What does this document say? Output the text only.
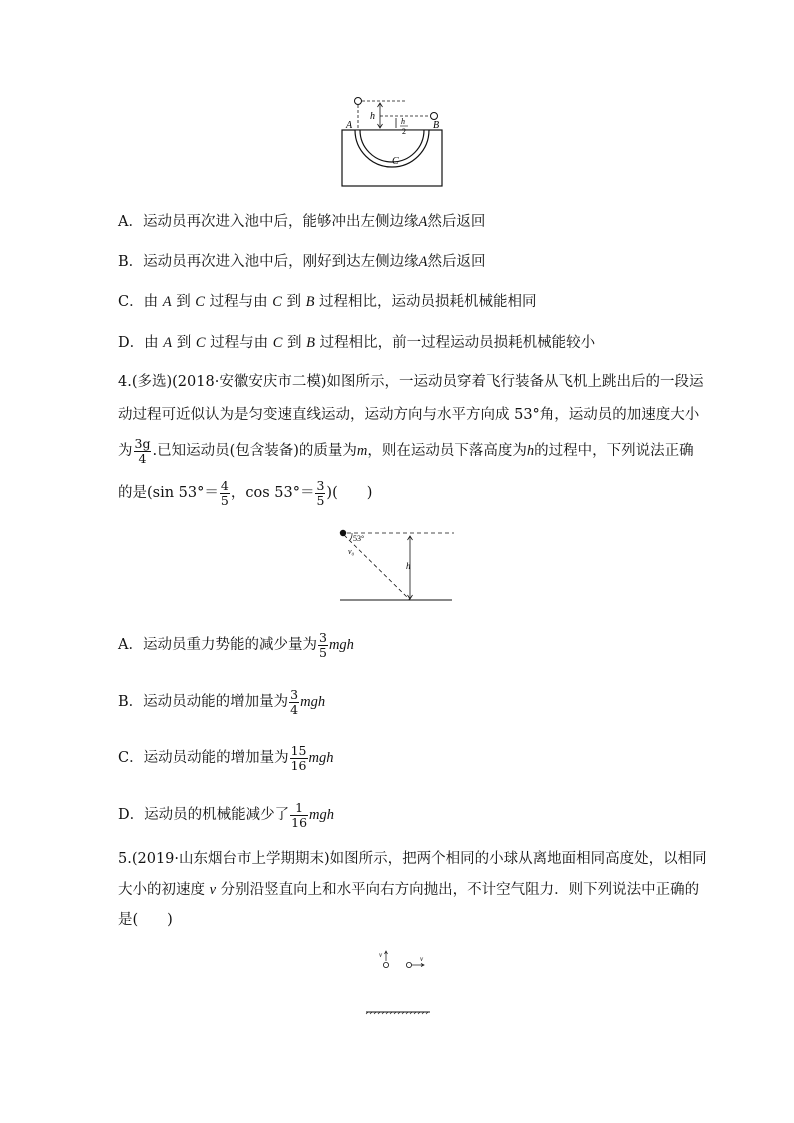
h	h
2
A	B
C
A．运动员再次进入池中后，能够冲出左侧边缘A然后返回
B．运动员再次进入池中后，刚好到达左侧边缘A然后返回
C．由 A 到 C 过程与由 C 到 B 过程相比，运动员损耗机械能相同
D．由 A 到 C 过程与由 C 到 B 过程相比，前一过程运动员损耗机械能较小
4.(多选)(2018·安徽安庆市二模)如图所示，一运动员穿着飞行装备从飞机上跳出后的一段运
动过程可近似认为是匀变速直线运动，运动方向与水平方向成 53°角，运动员的加速度大小
为 $\frac{3g}{4}$ .已知运动员(包含装备)的质量为m，则在运动员下落高度为h的过程中，下列说法正确
的是(sin $53^\circ= \frac{4}{5}$ ，$\cos 53^\circ= \frac{3}{5}$ )(　　)
53°
v₀
h
A．运动员重力势能的减少量为 $\frac{3}{5}$ mgh
B．运动员动能的增加量为 $\frac{3}{4}$ mgh
C．运动员动能的增加量为 $\frac{15}{16}$ mgh
D．运动员的机械能减少了 $\frac{1}{16}$ mgh
5.(2019·山东烟台市上学期期末)如图所示，把两个相同的小球从离地面相同高度处，以相同
大小的初速度 v 分别沿竖直向上和水平向右方向抛出，不计空气阻力．则下列说法中正确的
是(　　)
v	v
